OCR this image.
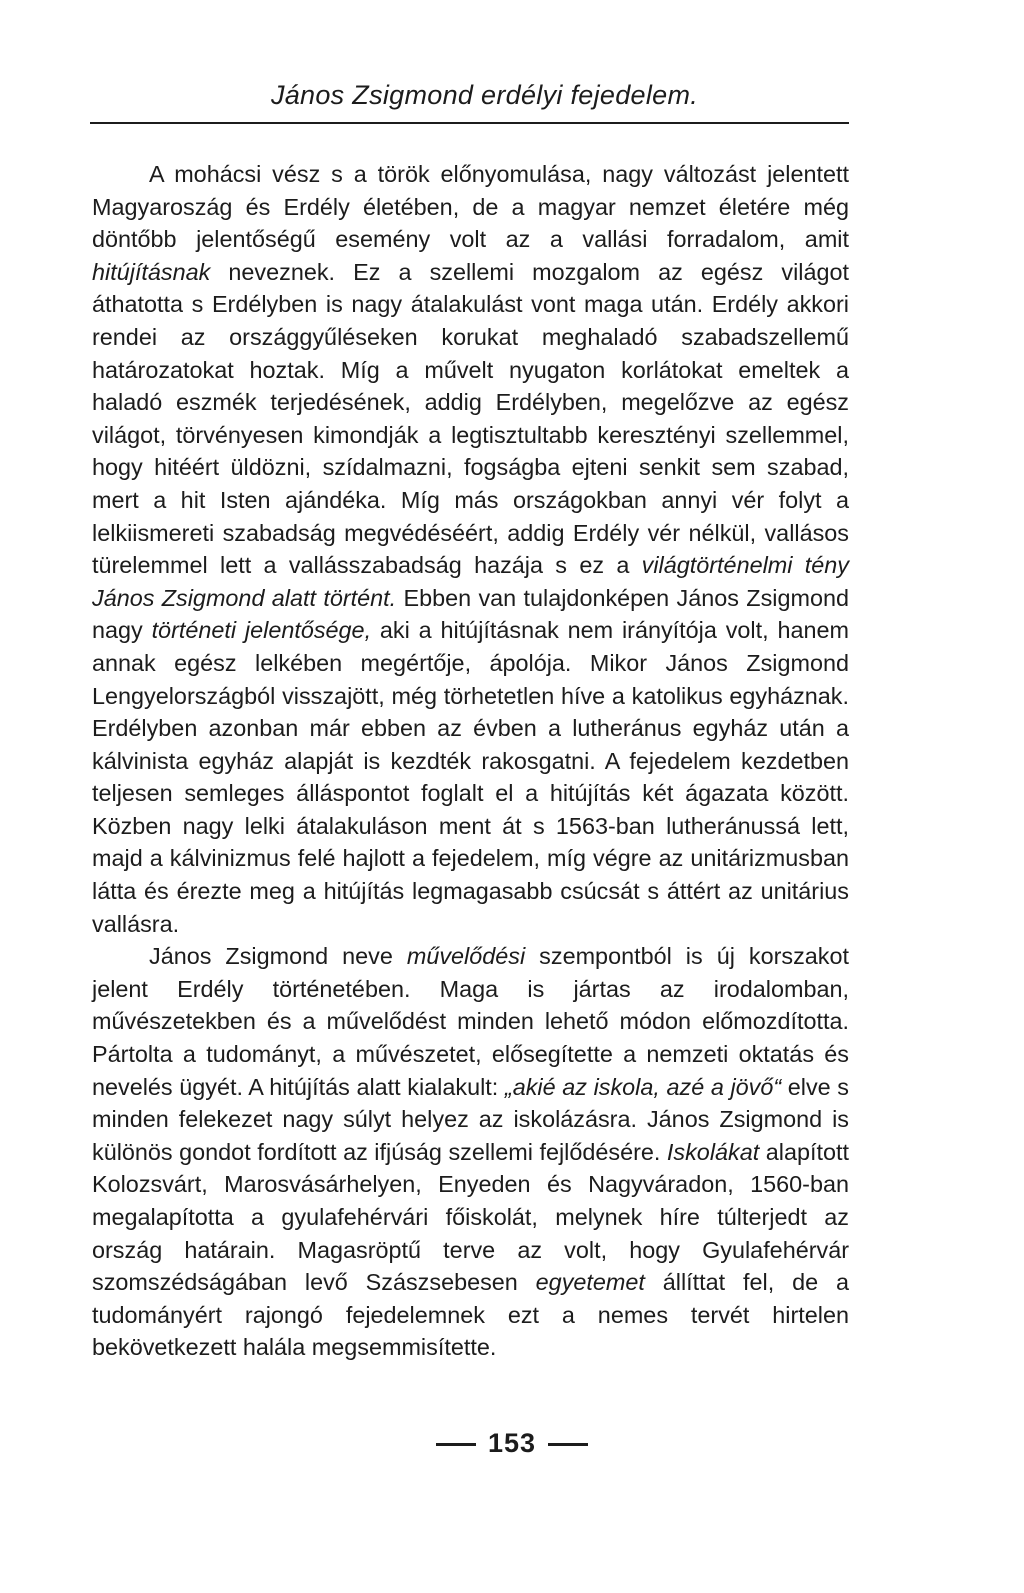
János Zsigmond erdélyi fejedelem.

A mohácsi vész s a török előnyomulása, nagy változást jelentett Magyaroszág és Erdély életében, de a magyar nemzet életére még döntőbb jelentőségű esemény volt az a vallási forradalom, amit hitújításnak neveznek. Ez a szellemi mozgalom az egész világot áthatotta s Erdélyben is nagy átalakulást vont maga után. Erdély akkori rendei az országgyűléseken korukat meghaladó szabadszellemű határozatokat hoztak. Míg a művelt nyugaton korlátokat emeltek a haladó eszmék terjedésének, addig Erdélyben, megelőzve az egész világot, törvényesen kimondják a legtisztultabb keresztényi szellemmel, hogy hitéért üldözni, szídalmazni, fogságba ejteni senkit sem szabad, mert a hit Isten ajándéka. Míg más országokban annyi vér folyt a lelkiismereti szabadság megvédéséért, addig Erdély vér nélkül, vallásos türelemmel lett a vallásszabadság hazája s ez a világtörténelmi tény János Zsigmond alatt történt. Ebben van tulajdonképen János Zsigmond nagy történeti jelentősége, aki a hitújításnak nem irányítója volt, hanem annak egész lelkében megértője, ápolója. Mikor János Zsigmond Lengyelországból visszajött, még törhetetlen híve a katolikus egyháznak. Erdélyben azonban már ebben az évben a lutheránus egyház után a kálvinista egyház alapját is kezdték rakosgatni. A fejedelem kezdetben teljesen semleges álláspontot foglalt el a hitújítás két ágazata között. Közben nagy lelki átalakuláson ment át s 1563-ban lutheránussá lett, majd a kálvinizmus felé hajlott a fejedelem, míg végre az unitárizmusban látta és érezte meg a hitújítás legmagasabb csúcsát s áttért az unitárius vallásra.

János Zsigmond neve művelődési szempontból is új korszakot jelent Erdély történetében. Maga is jártas az irodalomban, művészetekben és a művelődést minden lehető módon előmozdította. Pártolta a tudományt, a művészetet, elősegítette a nemzeti oktatás és nevelés ügyét. A hitújítás alatt kialakult: „akié az iskola, azé a jövő“ elve s minden felekezet nagy súlyt helyez az iskolázásra. János Zsigmond is különös gondot fordított az ifjúság szellemi fejlődésére. Iskolákat alapított Kolozsvárt, Marosvásárhelyen, Enyeden és Nagyváradon, 1560-ban megalapította a gyulafehérvári főiskolát, melynek híre túlterjedt az ország határain. Magasröptű terve az volt, hogy Gyulafehérvár szomszédságában levő Szászsebesen egyetemet állíttat fel, de a tudományért rajongó fejedelemnek ezt a nemes tervét hirtelen bekövetkezett halála megsemmisítette.

153
